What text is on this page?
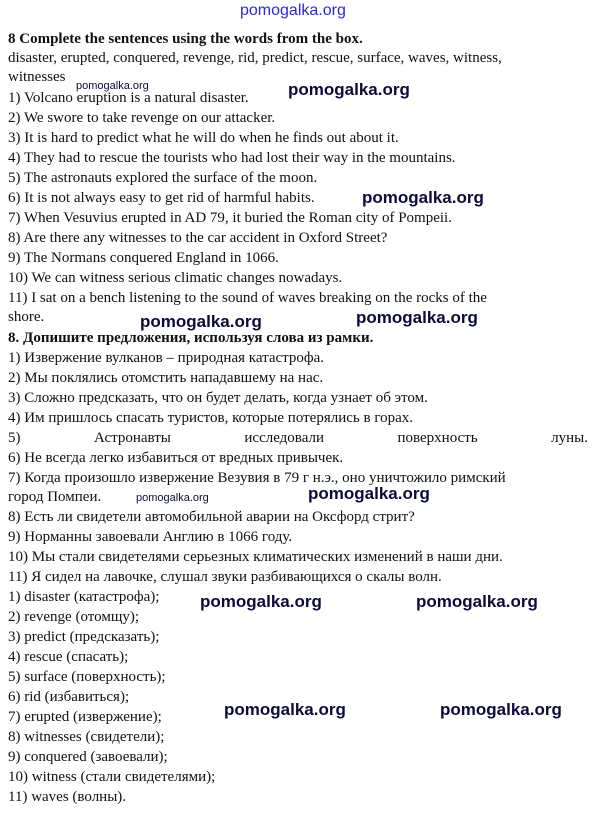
pomogalka.org
pomogalka.org	pomogalka.org
pomogalka.org
pomogalka.org	pomogalka.org
pomogalka.org	pomogalka.org
pomogalka.org	pomogalka.org
pomogalka.org	pomogalka.org
8 Complete the sentences using the words from the box.
disaster, erupted, conquered, revenge, rid, predict, rescue, surface, waves, witness,
witnesses
1) Volcano eruption is a natural disaster.
2) We swore to take revenge on our attacker.
3) It is hard to predict what he will do when he finds out about it.
4) They had to rescue the tourists who had lost their way in the mountains.
5) The astronauts explored the surface of the moon.
6) It is not always easy to get rid of harmful habits.
7) When Vesuvius erupted in AD 79, it buried the Roman city of Pompeii.
8) Are there any witnesses to the car accident in Oxford Street?
9) The Normans conquered England in 1066.
10) We can witness serious climatic changes nowadays.
11) I sat on a bench listening to the sound of waves breaking on the rocks of the
shore.
8. Допишите предложения, используя слова из рамки.
1) Извержение вулканов – природная катастрофа.
2) Мы поклялись отомстить нападавшему на нас.
3) Сложно предсказать, что он будет делать, когда узнает об этом.
4) Им пришлось спасать туристов, которые потерялись в горах.
5)	Астронавты	исследовали	поверхность	луны.
6) Не всегда легко избавиться от вредных привычек.
7) Когда произошло извержение Везувия в 79 г н.э., оно уничтожило римский
город Помпеи.
8) Есть ли свидетели автомобильной аварии на Оксфорд стрит?
9) Норманны завоевали Англию в 1066 году.
10) Мы стали свидетелями серьезных климатических изменений в наши дни.
11) Я сидел на лавочке, слушал звуки разбивающихся о скалы волн.
1) disaster (катастрофа);
2) revenge (отомщу);
3) predict (предсказать);
4) rescue (спасать);
5) surface (поверхность);
6) rid (избавиться);
7) erupted (извержение);
8) witnesses (свидетели);
9) conquered (завоевали);
10) witness (стали свидетелями);
11) waves (волны).
